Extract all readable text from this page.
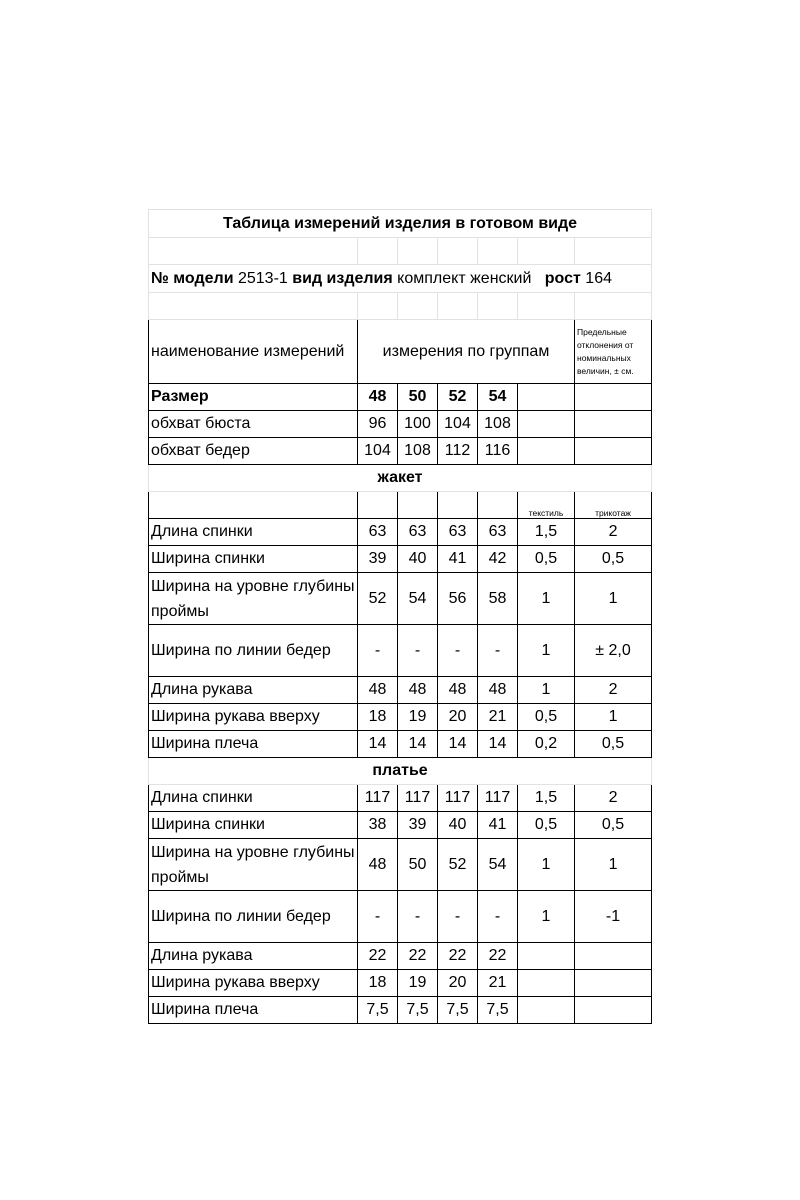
Таблица измерений изделия в готовом виде						

№ модели 2513-1 вид изделия комплект женский рост 164						

наименование измерений	измерения по группам					Предельные отклонения от номинальных величин, ± см.
Размер	48	50	52	54		
обхват бюста	96	100	104	108		
обхват бедер	104	108	112	116		
жакет						
					текстиль	трикотаж
Длина спинки	63	63	63	63	1,5	2
Ширина спинки	39	40	41	42	0,5	0,5
Ширина на уровне глубины проймы	52	54	56	58	1	1
Ширина по линии бедер	-	-	-	-	1	± 2,0
Длина рукава	48	48	48	48	1	2
Ширина рукава вверху	18	19	20	21	0,5	1
Ширина плеча	14	14	14	14	0,2	0,5
платье						
Длина спинки	117	117	117	117	1,5	2
Ширина спинки	38	39	40	41	0,5	0,5
Ширина на уровне глубины проймы	48	50	52	54	1	1
Ширина по линии бедер	-	-	-	-	1	-1
Длина рукава	22	22	22	22		
Ширина рукава вверху	18	19	20	21		
Ширина плеча	7,5	7,5	7,5	7,5		
